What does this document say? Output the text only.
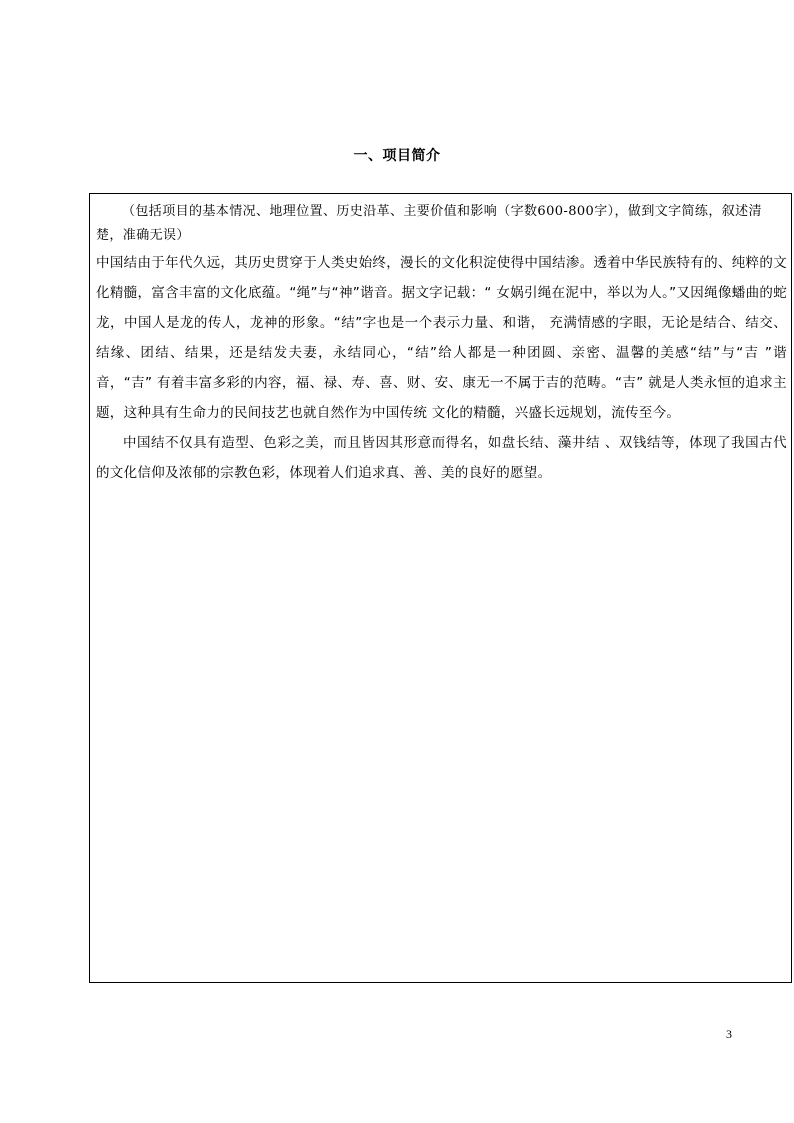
一、项目简介

（包括项目的基本情况、地理位置、历史沿革、主要价值和影响（字数600-800字），做到文字简练，叙述清楚，准确无误）

中国结由于年代久远，其历史贯穿于人类史始终，漫长的文化积淀使得中国结渗。透着中华民族特有的、纯粹的文化精髓，富含丰富的文化底蕴。“绳”与“神”谐音。据文字记载：“ 女娲引绳在泥中，举以为人。”又因绳像蟠曲的蛇龙，中国人是龙的传人，龙神的形象。“结”字也是一个表示力量、和谐， 充满情感的字眼，无论是结合、结交、结缘、团结、结果，还是结发夫妻，永结同心，“结”给人都是一种团圆、亲密、温馨的美感“结”与“吉 ”谐 音，“吉” 有着丰富多彩的内容，福、禄、寿、喜、财、安、康无一不属于吉的范畴。“吉” 就是人类永恒的追求主题，这种具有生命力的民间技艺也就自然作为中国传统 文化的精髓，兴盛长远规划，流传至今。

中国结不仅具有造型、色彩之美，而且皆因其形意而得名，如盘长结、藻井结 、双钱结等，体现了我国古代的文化信仰及浓郁的宗教色彩，体现着人们追求真、善、美的良好的愿望。

3
